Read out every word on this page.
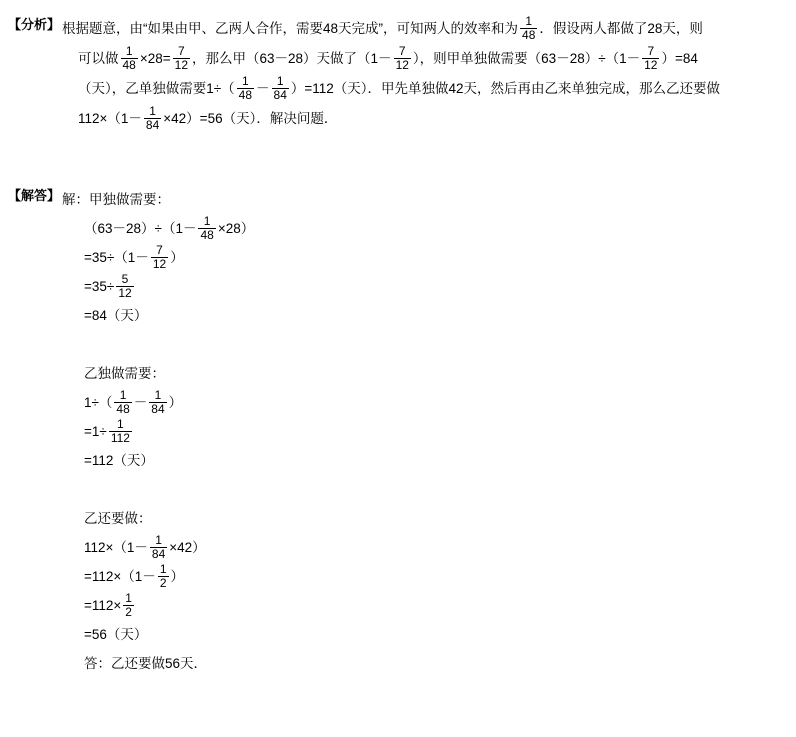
【分析】 根据题意，由“如果由甲、乙两人合作，需要48天完成”，可知两人的效率和为 $\frac{1}{48}$ ．假设两人都做了28天，则
可以做 $\frac{1}{48} \times 28= \frac{7}{12}$ ，那么甲（63－28）天做了（$1- \frac{7}{12}$ ），则甲单独做需要$(63-28)\div(1- \frac{7}{12} )=84$
（天），乙单独做需要$1\div( \frac{1}{48} - \frac{1}{84} )=112$（天）．甲先单独做42天，然后再由乙来单独完成，那么乙还要做
$112\times(1- \frac{1}{84} \times 42)=56$（天）．解决问题．
【解答】 解：甲独做需要：
$(63-28)\div(1- \frac{1}{48} \times 28)$
$=35\div(1- \frac{7}{12}$ ）
$=35\div \frac{5}{12}$
=84（天）
乙独做需要：
$1\div( \frac{1}{48} - \frac{1}{84}$ ）
$=1\div \frac{1}{112}$
=112（天）
乙还要做：
$112\times(1- \frac{1}{84} \times 42)$
$=112\times(1- \frac{1}{2}$ ）
$=112\times \frac{1}{2}$
=56（天）
答：乙还要做56天．
